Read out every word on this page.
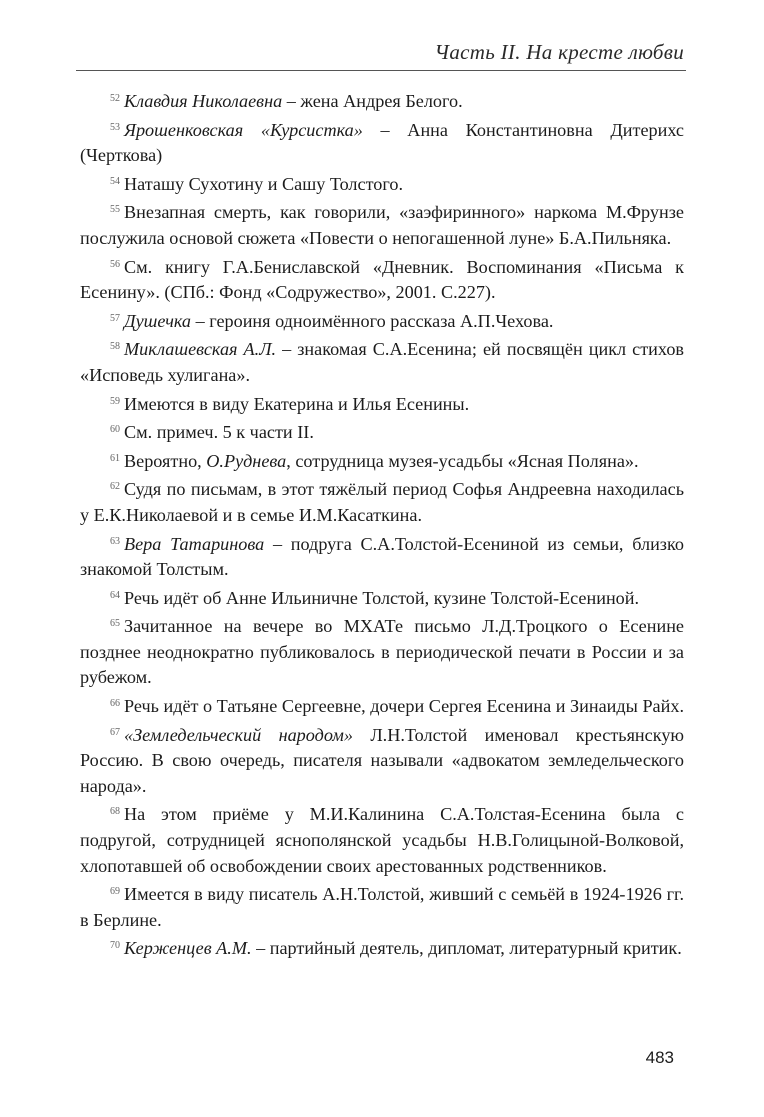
Часть II. На кресте любви

$^{52}$ Клавдия Николаевна – жена Андрея Белого.

$^{53}$ Ярошенковская «Курсистка» – Анна Константиновна Дитерихс (Черткова)

$^{54}$ Наташу Сухотину и Сашу Толстого.

$^{55}$ Внезапная смерть, как говорили, «заэфиринного» наркома М.Фрунзе послужила основой сюжета «Повести о непогашенной луне» Б.А.Пильняка.

$^{56}$ См. книгу Г.А.Бениславской «Дневник. Воспоминания «Письма к Есенину». (СПб.: Фонд «Содружество», 2001. С.227).

$^{57}$ Душечка – героиня одноимённого рассказа А.П.Чехова.

$^{58}$ Миклашевская А.Л. – знакомая С.А.Есенина; ей посвящён цикл стихов «Исповедь хулигана».

$^{59}$ Имеются в виду Екатерина и Илья Есенины.

$^{60}$ См. примеч. 5 к части II.

$^{61}$ Вероятно, О.Руднева, сотрудница музея-усадьбы «Ясная Поляна».

$^{62}$ Судя по письмам, в этот тяжёлый период Софья Андреевна находилась у Е.К.Николаевой и в семье И.М.Касаткина.

$^{63}$ Вера Татаринова – подруга С.А.Толстой-Есениной из семьи, близко знакомой Толстым.

$^{64}$ Речь идёт об Анне Ильиничне Толстой, кузине Толстой-Есениной.

$^{65}$ Зачитанное на вечере во МХАТе письмо Л.Д.Троцкого о Есенине позднее неоднократно публиковалось в периодической печати в России и за рубежом.

$^{66}$ Речь идёт о Татьяне Сергеевне, дочери Сергея Есенина и Зинаиды Райх.

$^{67}$ «Земледельческий народом» Л.Н.Толстой именовал крестьянскую Россию. В свою очередь, писателя называли «адвокатом земледельческого народа».

$^{68}$ На этом приёме у М.И.Калинина С.А.Толстая-Есенина была с подругой, сотрудницей яснополянской усадьбы Н.В.Голицыной-Волковой, хлопотавшей об освобождении своих арестованных родственников.

$^{69}$ Имеется в виду писатель А.Н.Толстой, живший с семьёй в 1924-1926 гг. в Берлине.

$^{70}$ Керженцев А.М. – партийный деятель, дипломат, литературный критик.

483
